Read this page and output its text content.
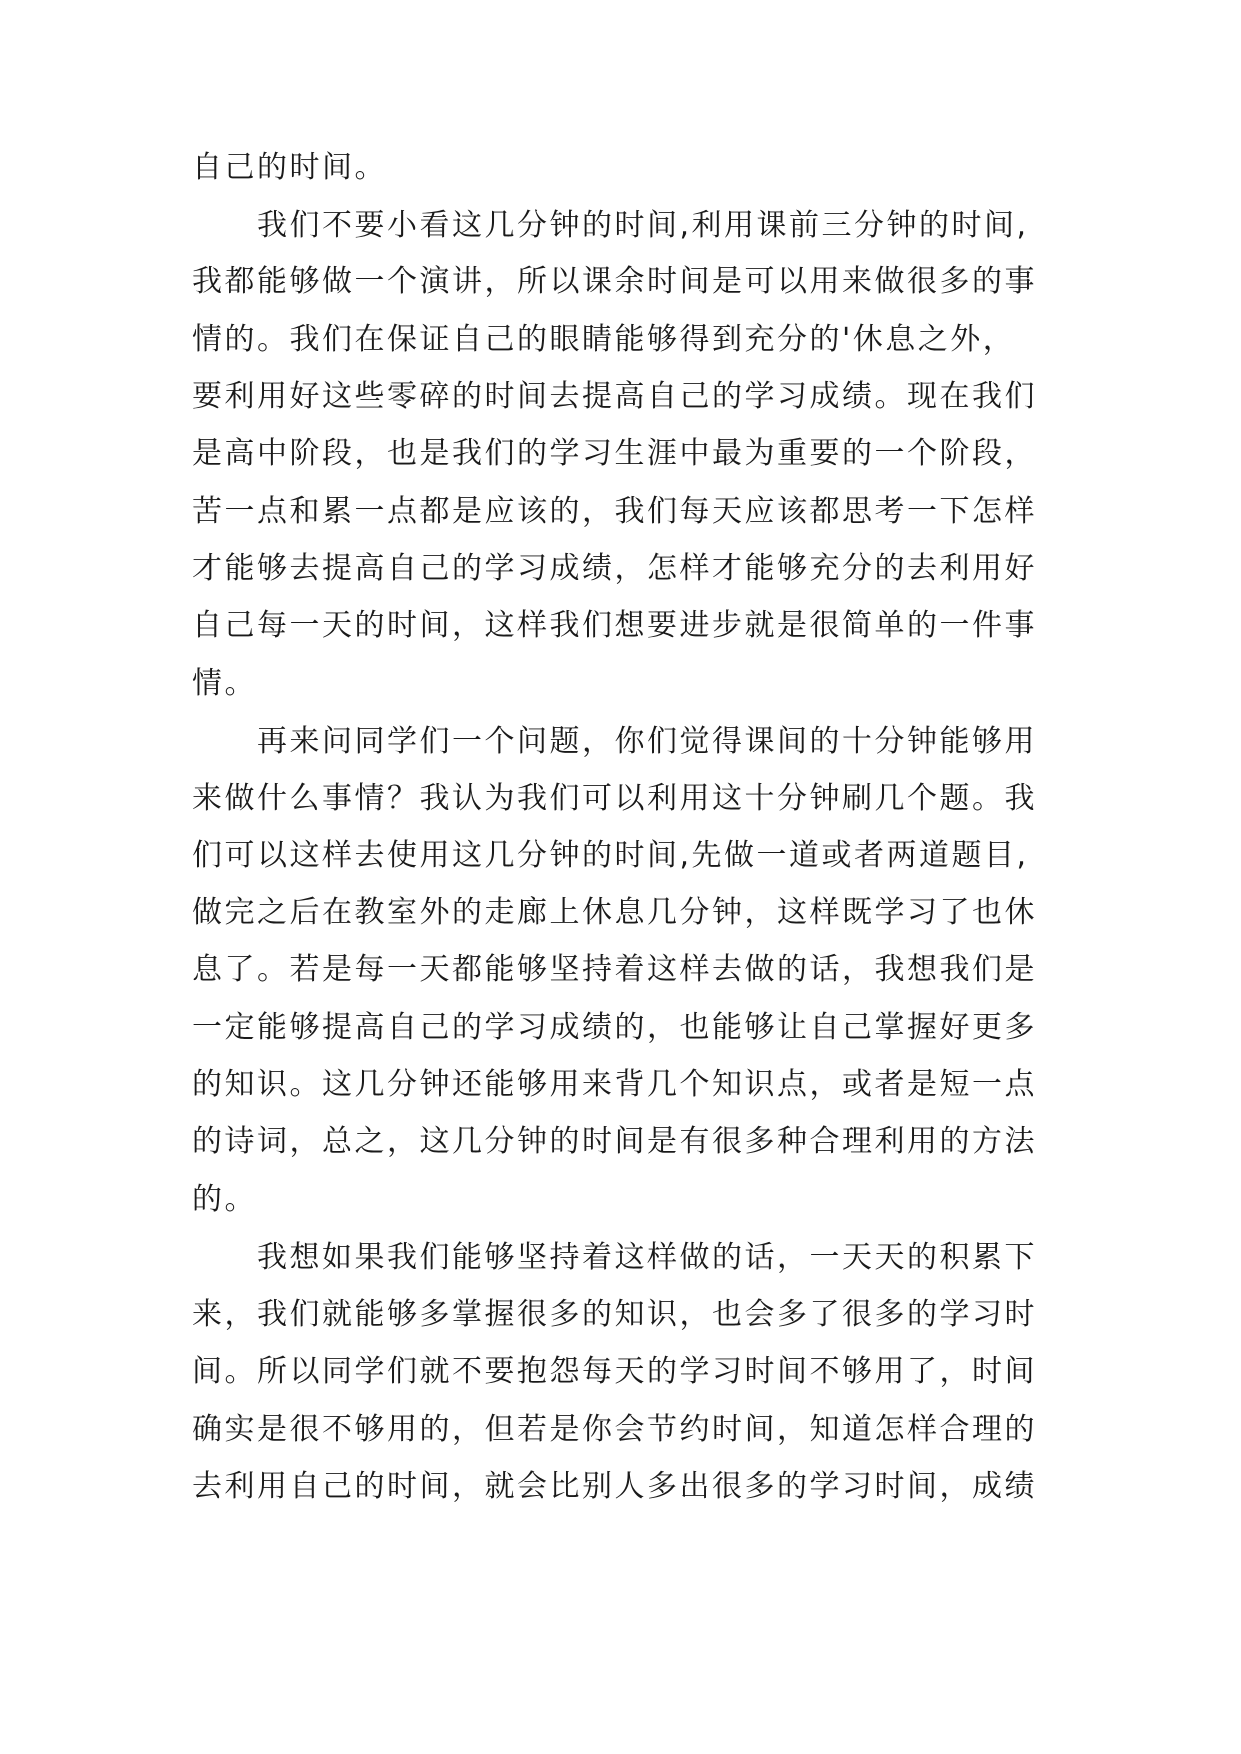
自己的时间。
　　我们不要小看这几分钟的时间,利用课前三分钟的时间,
我都能够做一个演讲，所以课余时间是可以用来做很多的事
情的。我们在保证自己的眼睛能够得到充分的'休息之外，
要利用好这些零碎的时间去提高自己的学习成绩。现在我们
是高中阶段，也是我们的学习生涯中最为重要的一个阶段，
苦一点和累一点都是应该的，我们每天应该都思考一下怎样
才能够去提高自己的学习成绩，怎样才能够充分的去利用好
自己每一天的时间，这样我们想要进步就是很简单的一件事
情。
　　再来问同学们一个问题，你们觉得课间的十分钟能够用
来做什么事情？我认为我们可以利用这十分钟刷几个题。我
们可以这样去使用这几分钟的时间,先做一道或者两道题目,
做完之后在教室外的走廊上休息几分钟，这样既学习了也休
息了。若是每一天都能够坚持着这样去做的话，我想我们是
一定能够提高自己的学习成绩的，也能够让自己掌握好更多
的知识。这几分钟还能够用来背几个知识点，或者是短一点
的诗词，总之，这几分钟的时间是有很多种合理利用的方法
的。
　　我想如果我们能够坚持着这样做的话，一天天的积累下
来，我们就能够多掌握很多的知识，也会多了很多的学习时
间。所以同学们就不要抱怨每天的学习时间不够用了，时间
确实是很不够用的，但若是你会节约时间，知道怎样合理的
去利用自己的时间，就会比别人多出很多的学习时间，成绩
